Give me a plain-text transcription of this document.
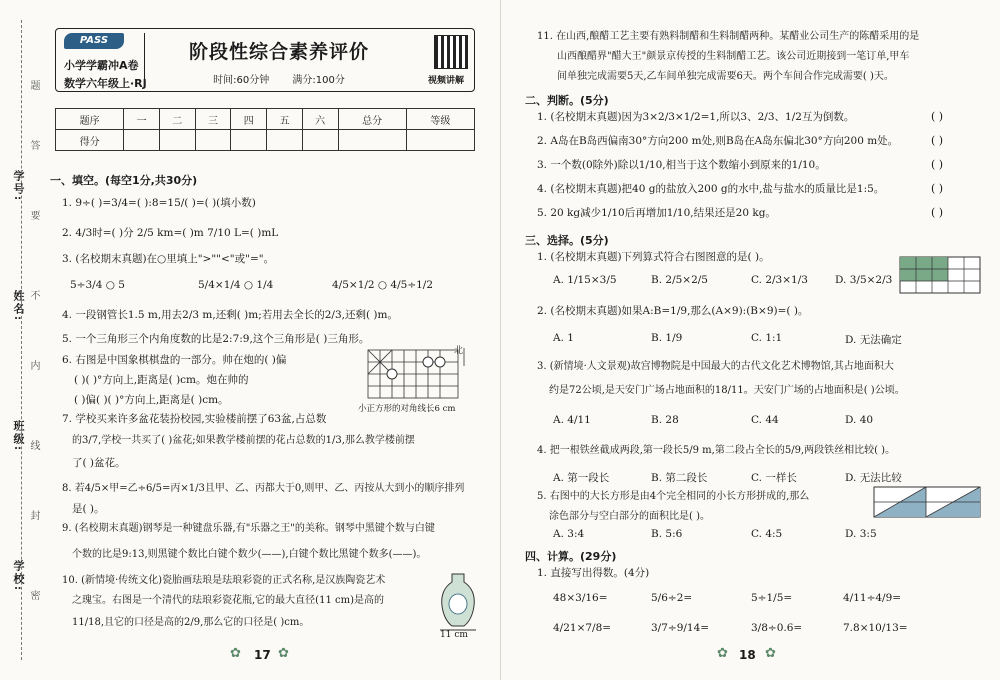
学号:
姓名:
班级:
学校:
题
答
要
不
内
线
封
密
PASS
小学学霸冲A卷
数学六年级上·RJ
阶段性综合素养评价
时间:60分钟 满分:100分	视频讲解
题序	一	二	三	四	五	六	总分	等级
得分								
一、填空。(每空1分,共30分)
1. 9÷( )=3/4=( ):8=15/( )=( )(填小数)
2. 4/3时=( )分 2/5 km=( )m 7/10 L=( )mL
3. (名校期末真题)在○里填上">""<"或"="。
5÷3/4 ○ 5	5/4×1/4 ○ 1/4	4/5×1/2 ○ 4/5÷1/2
4. 一段钢管长1.5 m,用去2/3 m,还剩( )m;若用去全长的2/3,还剩( )m。
5. 一个三角形三个内角度数的比是2:7:9,这个三角形是( )三角形。
6. 右图是中国象棋棋盘的一部分。帅在炮的( )偏
( )( )°方向上,距离是( )cm。炮在帅的
( )偏( )( )°方向上,距离是( )cm。
北
小正方形的对角线长6 cm
7. 学校买来许多盆花装扮校园,实验楼前摆了63盆,占总数
的3/7,学校一共买了( )盆花;如果教学楼前摆的花占总数的1/3,那么教学楼前摆
了( )盆花。
8. 若4/5×甲=乙÷6/5=丙×1/3且甲、乙、丙都大于0,则甲、乙、丙按从大到小的顺序排列
是( )。
9. (名校期末真题)钢琴是一种键盘乐器,有"乐器之王"的美称。钢琴中黑键个数与白键
个数的比是9:13,则黑键个数比白键个数少(——),白键个数比黑键个数多(——)。
10. (新情境·传统文化)瓷胎画珐琅是珐琅彩瓷的正式名称,是汉族陶瓷艺术
之瑰宝。右图是一个清代的珐琅彩瓷花瓶,它的最大直径(11 cm)是高的
11/18,且它的口径是高的2/9,那么它的口径是( )cm。
11 cm
✿ 17 ✿
11. 在山西,酿醋工艺主要有熟料制醋和生料制醋两种。某醋业公司生产的陈醋采用的是
山西酿醋界"醋大王"颜景京传授的生料制醋工艺。该公司近期接到一笔订单,甲车
间单独完成需要5天,乙车间单独完成需要6天。两个车间合作完成需要( )天。
二、判断。(5分)
1. (名校期末真题)因为3×2/3×1/2=1,所以3、2/3、1/2互为倒数。	( )
2. A岛在B岛西偏南30°方向200 m处,则B岛在A岛东偏北30°方向200 m处。	( )
3. 一个数(0除外)除以1/10,相当于这个数缩小到原来的1/10。	( )
4. (名校期末真题)把40 g的盐放入200 g的水中,盐与盐水的质量比是1:5。	( )
5. 20 kg减少1/10后再增加1/10,结果还是20 kg。	( )
三、选择。(5分)
1. (名校期末真题)下列算式符合右图图意的是( )。
A. 1/15×3/5	B. 2/5×2/5	C. 2/3×1/3	D. 3/5×2/3
2. (名校期末真题)如果A:B=1/9,那么(A×9):(B×9)=( )。
A. 1	B. 1/9	C. 1:1	D. 无法确定
3. (新情境·人文景观)故宫博物院是中国最大的古代文化艺术博物馆,其占地面积大
约是72公顷,是天安门广场占地面积的18/11。天安门广场的占地面积是( )公顷。
A. 4/11	B. 28	C. 44	D. 40
4. 把一根铁丝截成两段,第一段长5/9 m,第二段占全长的5/9,两段铁丝相比较( )。
A. 第一段长	B. 第二段长	C. 一样长	D. 无法比较
5. 右图中的大长方形是由4个完全相同的小长方形拼成的,那么
涂色部分与空白部分的面积比是( )。
A. 3:4	B. 5:6	C. 4:5	D. 3:5
四、计算。(29分)
1. 直接写出得数。(4分)
48×3/16=	5/6÷2=	5÷1/5=	4/11÷4/9=
4/21×7/8=	3/7÷9/14=	3/8÷0.6=	7.8×10/13=
✿ 18 ✿
